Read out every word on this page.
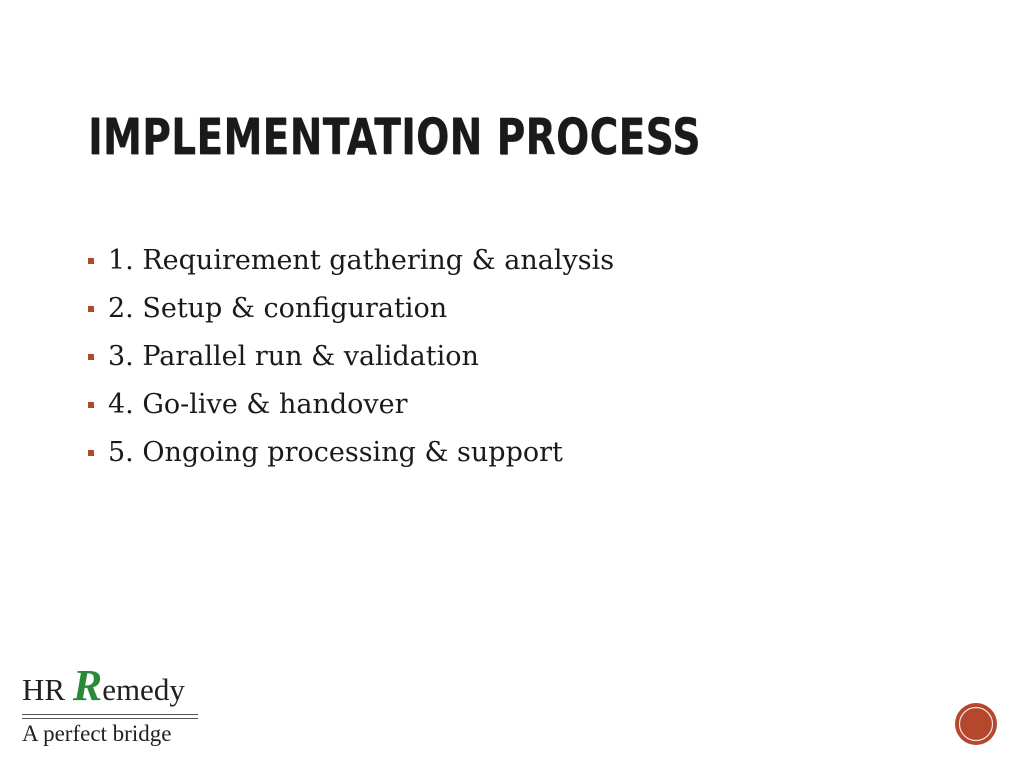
IMPLEMENTATION PROCESS
1. Requirement gathering & analysis
2. Setup & configuration
3. Parallel run & validation
4. Go-live & handover
5. Ongoing processing & support
HR Remedy
A perfect bridge
